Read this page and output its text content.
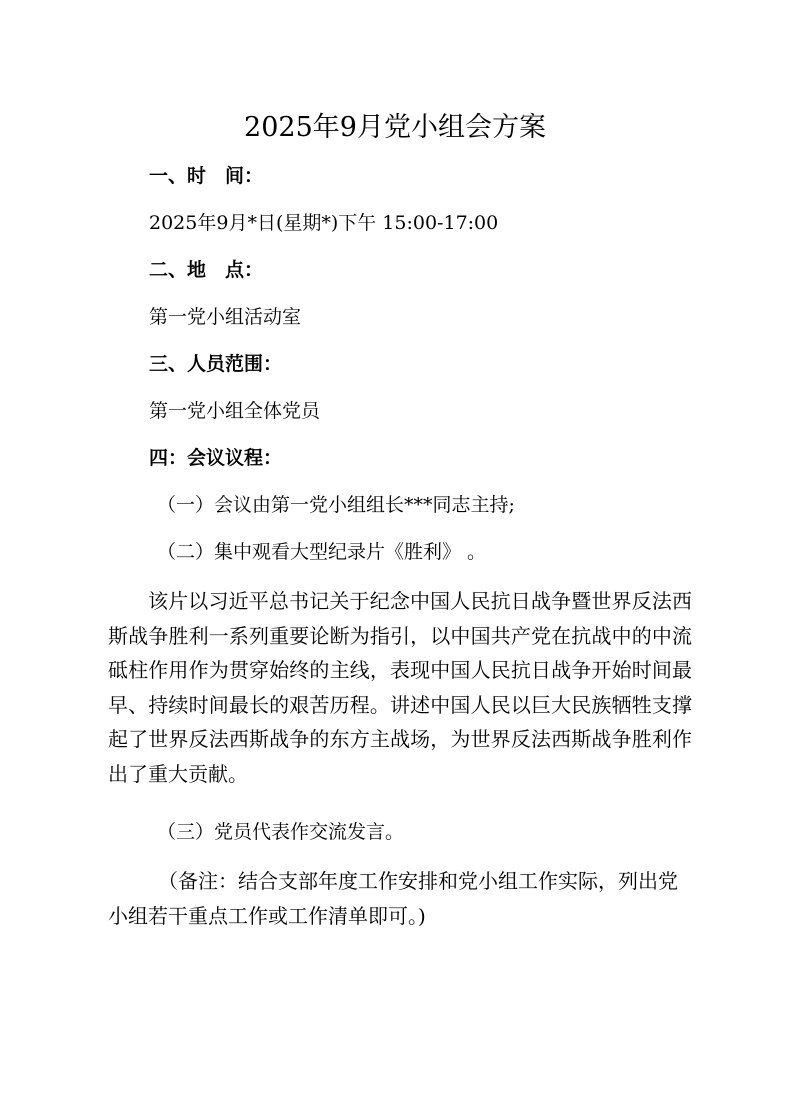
2025年9月党小组会方案
一、时　间：
2025年9月*日(星期*)下午 15:00-17:00
二、地　点：
第一党小组活动室
三、人员范围：
第一党小组全体党员
四：会议议程：
（一）会议由第一党小组组长***同志主持;
（二）集中观看大型纪录片《胜利》 。
该片以习近平总书记关于纪念中国人民抗日战争暨世界反法西斯战争胜利一系列重要论断为指引，以中国共产党在抗战中的中流砥柱作用作为贯穿始终的主线，表现中国人民抗日战争开始时间最早、持续时间最长的艰苦历程。讲述中国人民以巨大民族牺牲支撑起了世界反法西斯战争的东方主战场，为世界反法西斯战争胜利作出了重大贡献。
（三）党员代表作交流发言。
（备注：结合支部年度工作安排和党小组工作实际，列出党小组若干重点工作或工作清单即可。)
